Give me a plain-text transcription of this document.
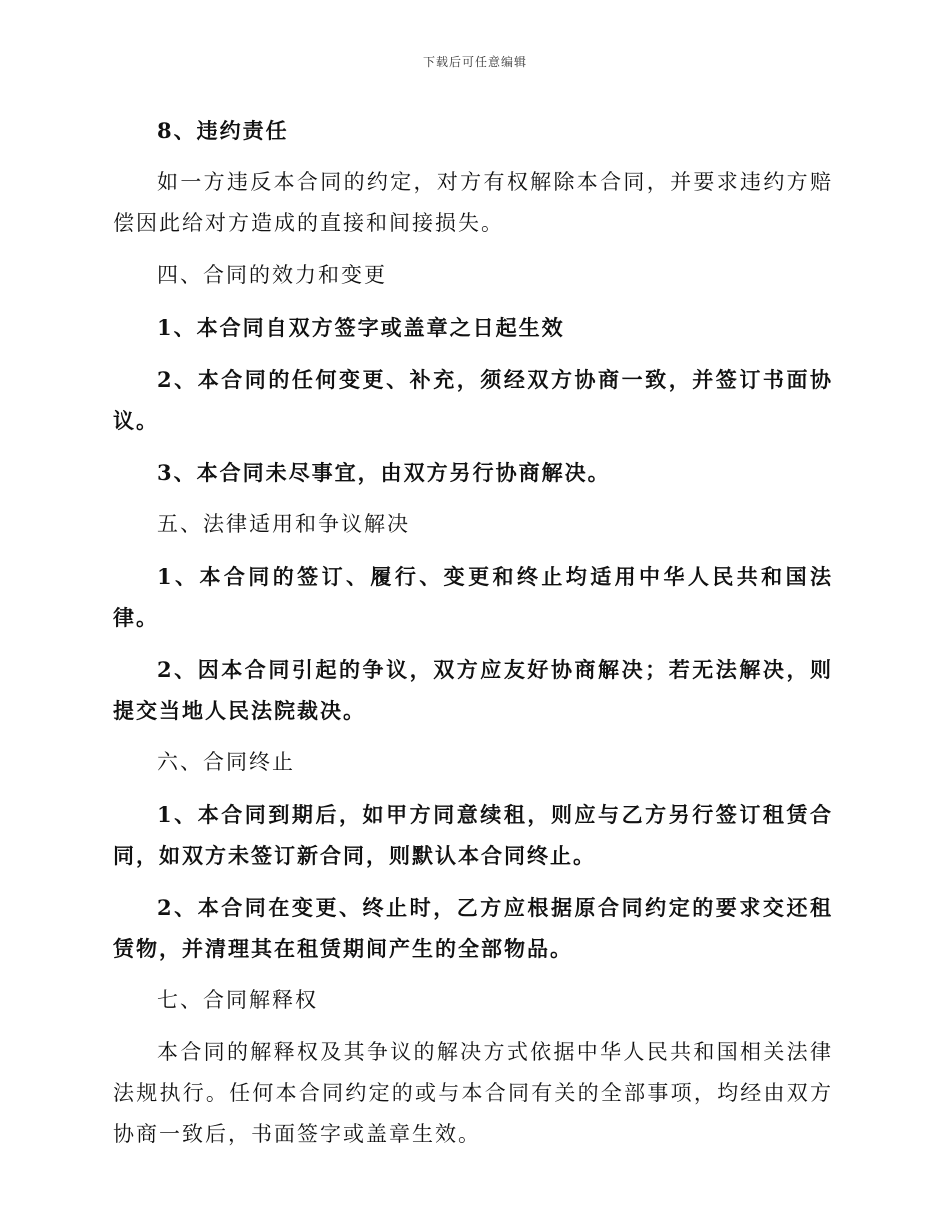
下载后可任意编辑

8、违约责任

如一方违反本合同的约定，对方有权解除本合同，并要求违约方赔偿因此给对方造成的直接和间接损失。

四、合同的效力和变更

1、本合同自双方签字或盖章之日起生效

2、本合同的任何变更、补充，须经双方协商一致，并签订书面协议。

3、本合同未尽事宜，由双方另行协商解决。

五、法律适用和争议解决

1、本合同的签订、履行、变更和终止均适用中华人民共和国法律。

2、因本合同引起的争议，双方应友好协商解决；若无法解决，则提交当地人民法院裁决。

六、合同终止

1、本合同到期后，如甲方同意续租，则应与乙方另行签订租赁合同，如双方未签订新合同，则默认本合同终止。

2、本合同在变更、终止时，乙方应根据原合同约定的要求交还租赁物，并清理其在租赁期间产生的全部物品。

七、合同解释权

本合同的解释权及其争议的解决方式依据中华人民共和国相关法律法规执行。任何本合同约定的或与本合同有关的全部事项，均经由双方协商一致后，书面签字或盖章生效。
